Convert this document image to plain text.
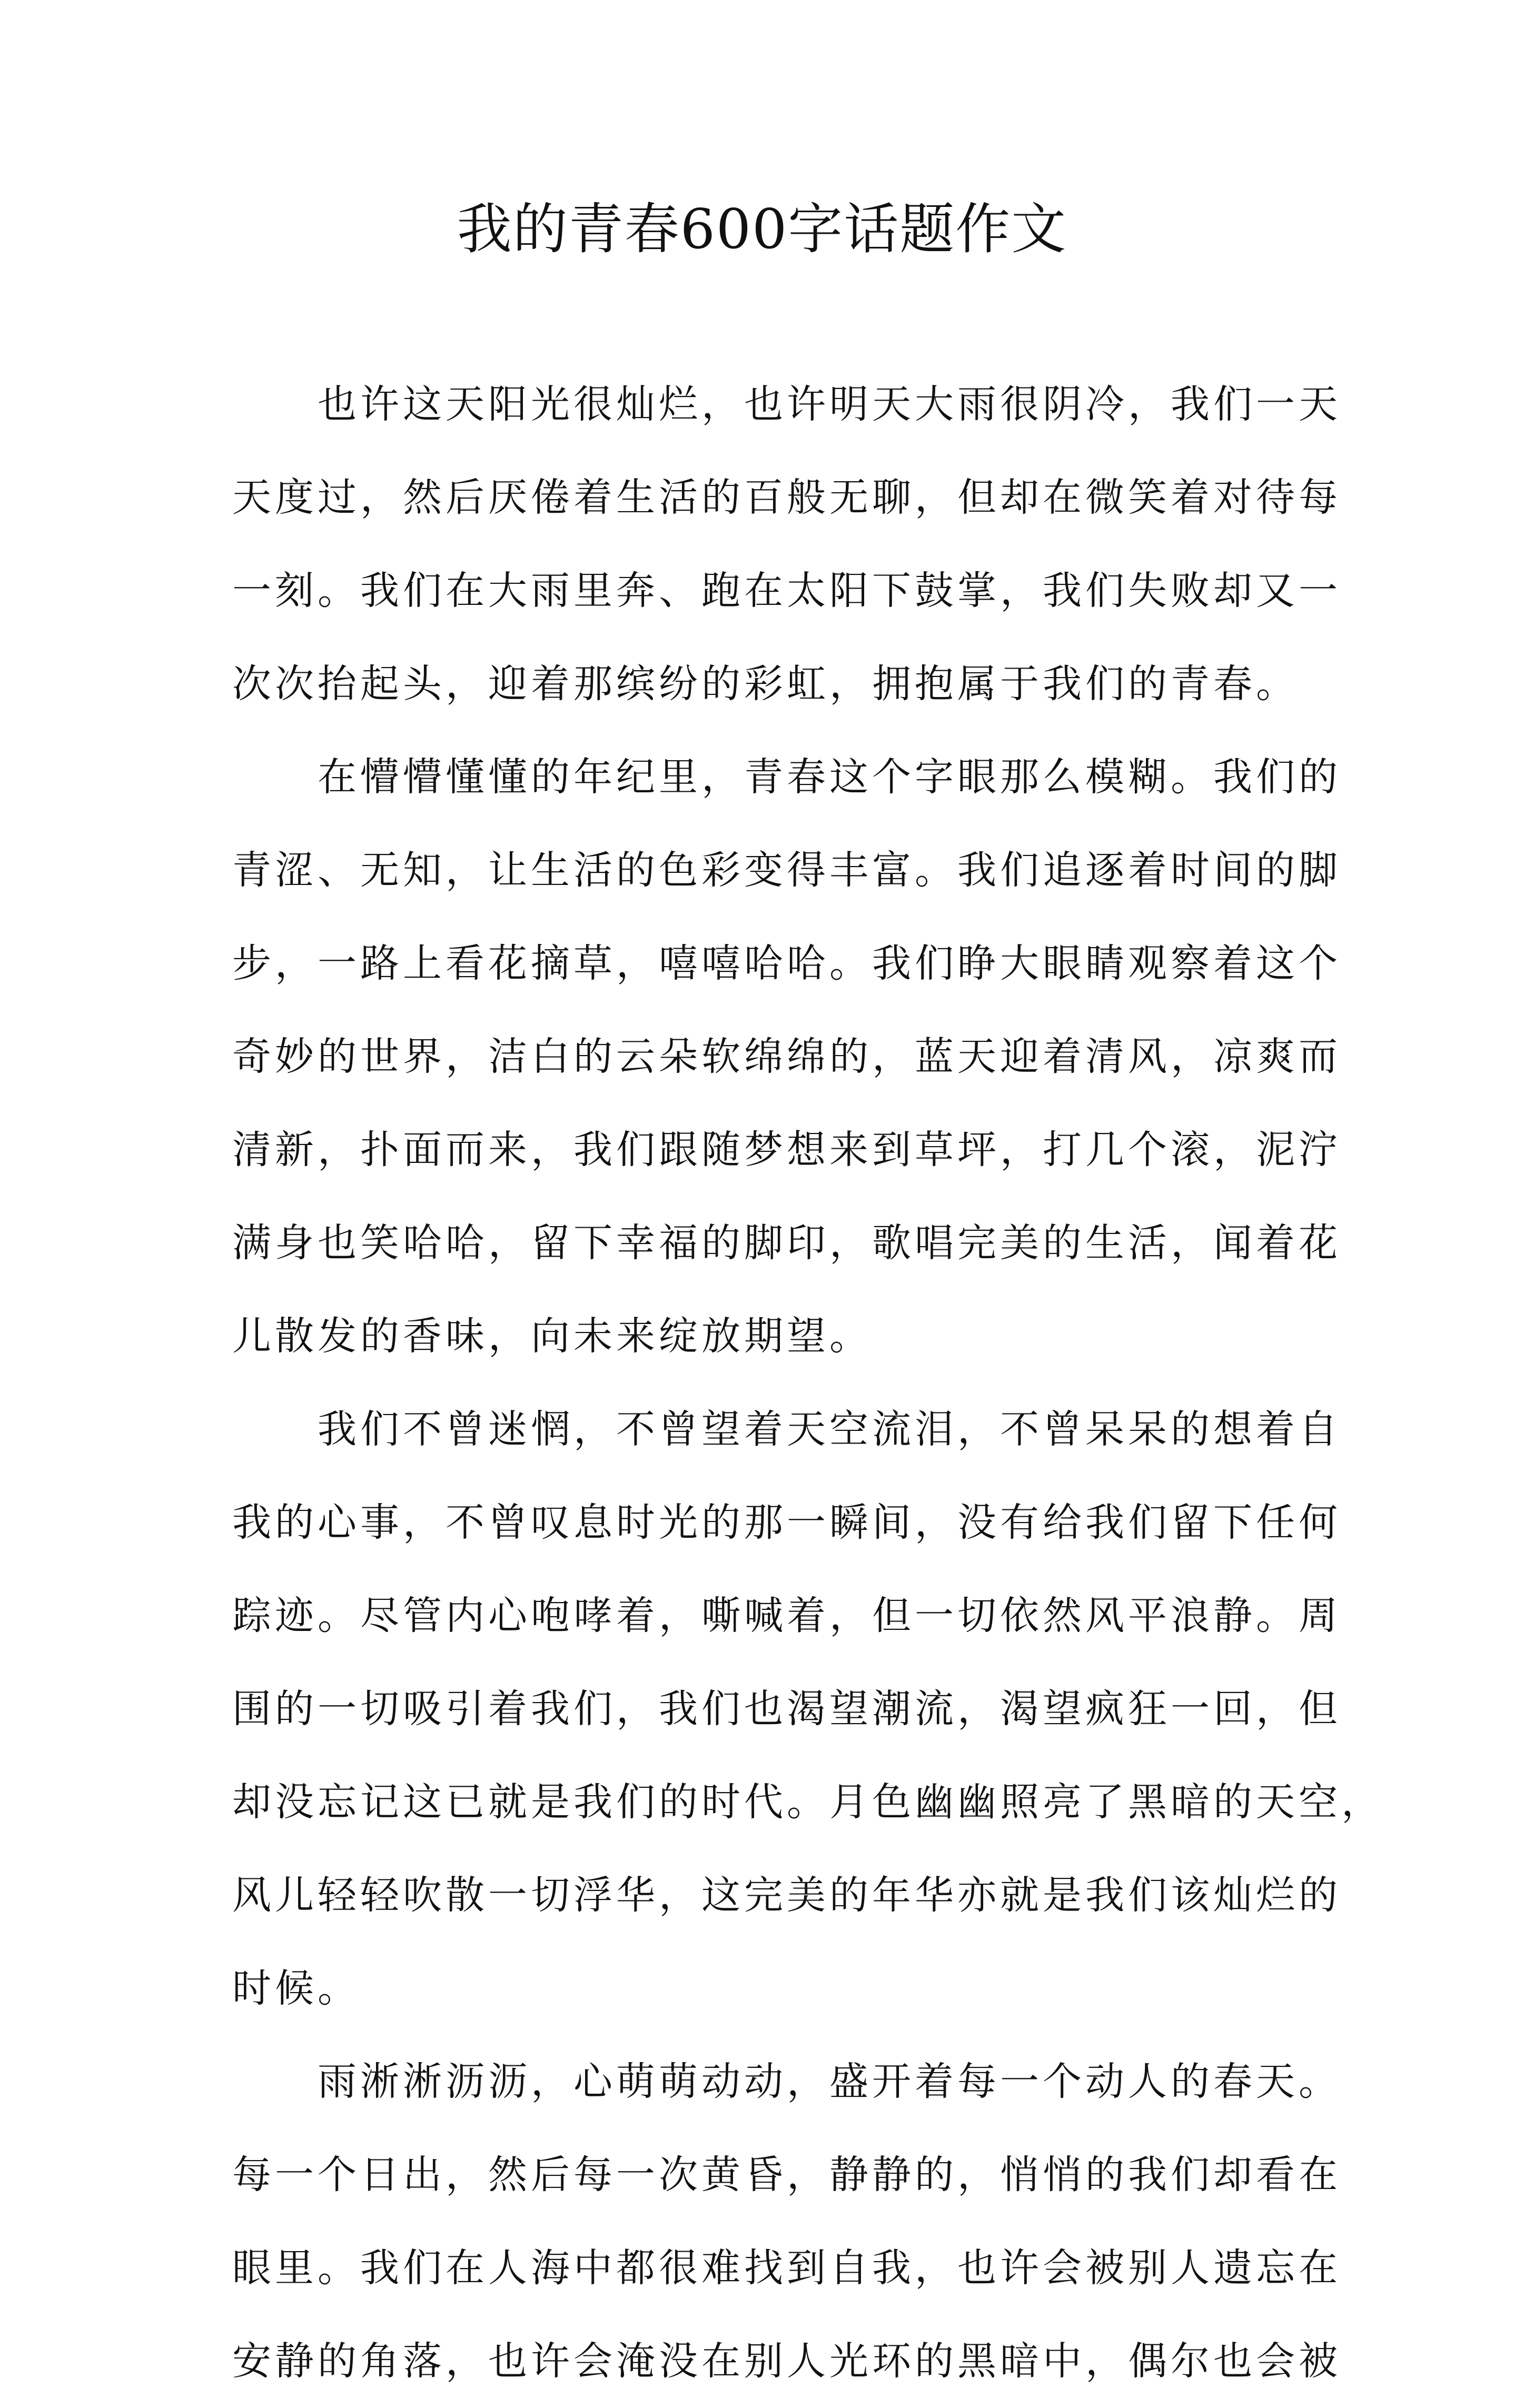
我的青春600字话题作文
也许这天阳光很灿烂，也许明天大雨很阴冷，我们一天
天度过，然后厌倦着生活的百般无聊，但却在微笑着对待每
一刻。我们在大雨里奔、跑在太阳下鼓掌，我们失败却又一
次次抬起头，迎着那缤纷的彩虹，拥抱属于我们的青春。
在懵懵懂懂的年纪里，青春这个字眼那么模糊。我们的
青涩、无知，让生活的色彩变得丰富。我们追逐着时间的脚
步，一路上看花摘草，嘻嘻哈哈。我们睁大眼睛观察着这个
奇妙的世界，洁白的云朵软绵绵的，蓝天迎着清风，凉爽而
清新，扑面而来，我们跟随梦想来到草坪，打几个滚，泥泞
满身也笑哈哈，留下幸福的脚印，歌唱完美的生活，闻着花
儿散发的香味，向未来绽放期望。
我们不曾迷惘，不曾望着天空流泪，不曾呆呆的想着自
我的心事，不曾叹息时光的那一瞬间，没有给我们留下任何
踪迹。尽管内心咆哮着，嘶喊着，但一切依然风平浪静。周
围的一切吸引着我们，我们也渴望潮流，渴望疯狂一回，但
却没忘记这已就是我们的时代。月色幽幽照亮了黑暗的天空，
风儿轻轻吹散一切浮华，这完美的年华亦就是我们该灿烂的
时候。
雨淅淅沥沥，心萌萌动动，盛开着每一个动人的春天。
每一个日出，然后每一次黄昏，静静的，悄悄的我们却看在
眼里。我们在人海中都很难找到自我，也许会被别人遗忘在
安静的角落，也许会淹没在别人光环的黑暗中，偶尔也会被
